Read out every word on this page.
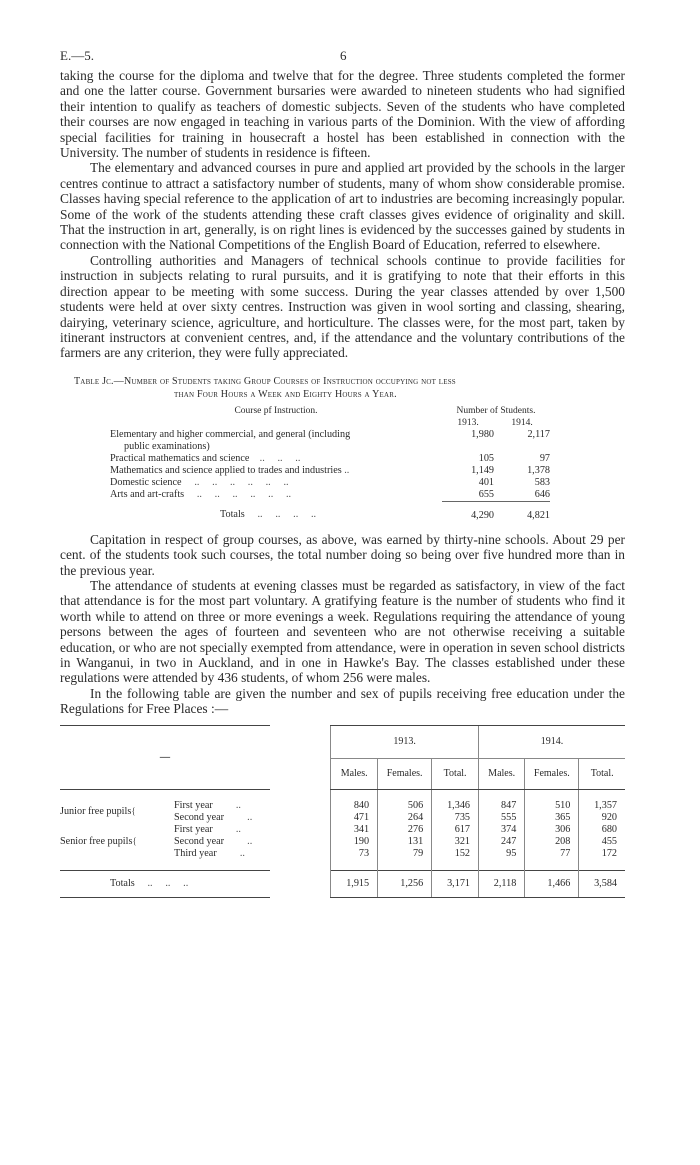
E.—5.	6

taking the course for the diploma and twelve that for the degree. Three students completed the former and one the latter course. Government bursaries were awarded to nineteen students who had signified their intention to qualify as teachers of domestic subjects. Seven of the students who have completed their courses are now engaged in teaching in various parts of the Dominion. With the view of affording special facilities for training in housecraft a hostel has been established in connection with the University. The number of students in residence is fifteen.

The elementary and advanced courses in pure and applied art provided by the schools in the larger centres continue to attract a satisfactory number of students, many of whom show considerable promise. Classes having special reference to the application of art to industries are becoming increasingly popular. Some of the work of the students attending these craft classes gives evidence of originality and skill. That the instruction in art, generally, is on right lines is evidenced by the successes gained by students in connection with the National Competitions of the English Board of Education, referred to elsewhere.

Controlling authorities and Managers of technical schools continue to provide facilities for instruction in subjects relating to rural pursuits, and it is gratifying to note that their efforts in this direction appear to be meeting with some success. During the year classes attended by over 1,500 students were held at over sixty centres. Instruction was given in wool sorting and classing, shearing, dairying, veterinary science, agriculture, and horticulture. The classes were, for the most part, taken by itinerant instructors at convenient centres, and, if the attendance and the voluntary contributions of the farmers are any criterion, they were fully appreciated.

Table Jc.—Number of Students taking Group Courses of Instruction occupying not less
than Four Hours a Week and Eighty Hours a Year.
Course pf Instruction.	Number of Students.	
	1913.	1914.
Elementary and higher commercial, and general (including	1,980	2,117
public examinations)		
Practical mathematics and science    ..     ..     ..	105	97
Mathematics and science applied to trades and industries ..	1,149	1,378
Domestic science     ..     ..     ..     ..     ..     ..	401	583
Arts and art-crafts     ..     ..     ..     ..     ..     ..	655	646
Totals     ..     ..     ..     ..	4,290	4,821

Capitation in respect of group courses, as above, was earned by thirty-nine schools. About 29 per cent. of the students took such courses, the total number doing so being over five hundred more than in the previous year.

The attendance of students at evening classes must be regarded as satisfactory, in view of the fact that attendance is for the most part voluntary. A gratifying feature is the number of students who find it worth while to attend on three or more evenings a week. Regulations requiring the attendance of young persons between the ages of fourteen and seventeen who are not otherwise receiving a suitable education, or who are not specially exempted from attendance, were in operation in seven school districts in Wanganui, in two in Auckland, and in one in Hawke's Bay. The classes established under these regulations were attended by 436 students, of whom 256 were males.

In the following table are given the number and sex of pupils receiving free education under the Regulations for Free Places :—

—		1913.			1914.		
		Males.	Females.	Total.	Males.	Females.	Total.

Junior free pupils{	First year  ..	840	506	1,346	847	510	1,357
	Second year  ..	471	264	735	555	365	920
Senior free pupils{	First year  ..	341	276	617	374	306	680
	Second year  ..	190	131	321	247	208	455
	Third year  ..	73	79	152	95	77	172

Totals     ..     ..     ..		1,915	1,256	3,171	2,118	1,466	3,584
